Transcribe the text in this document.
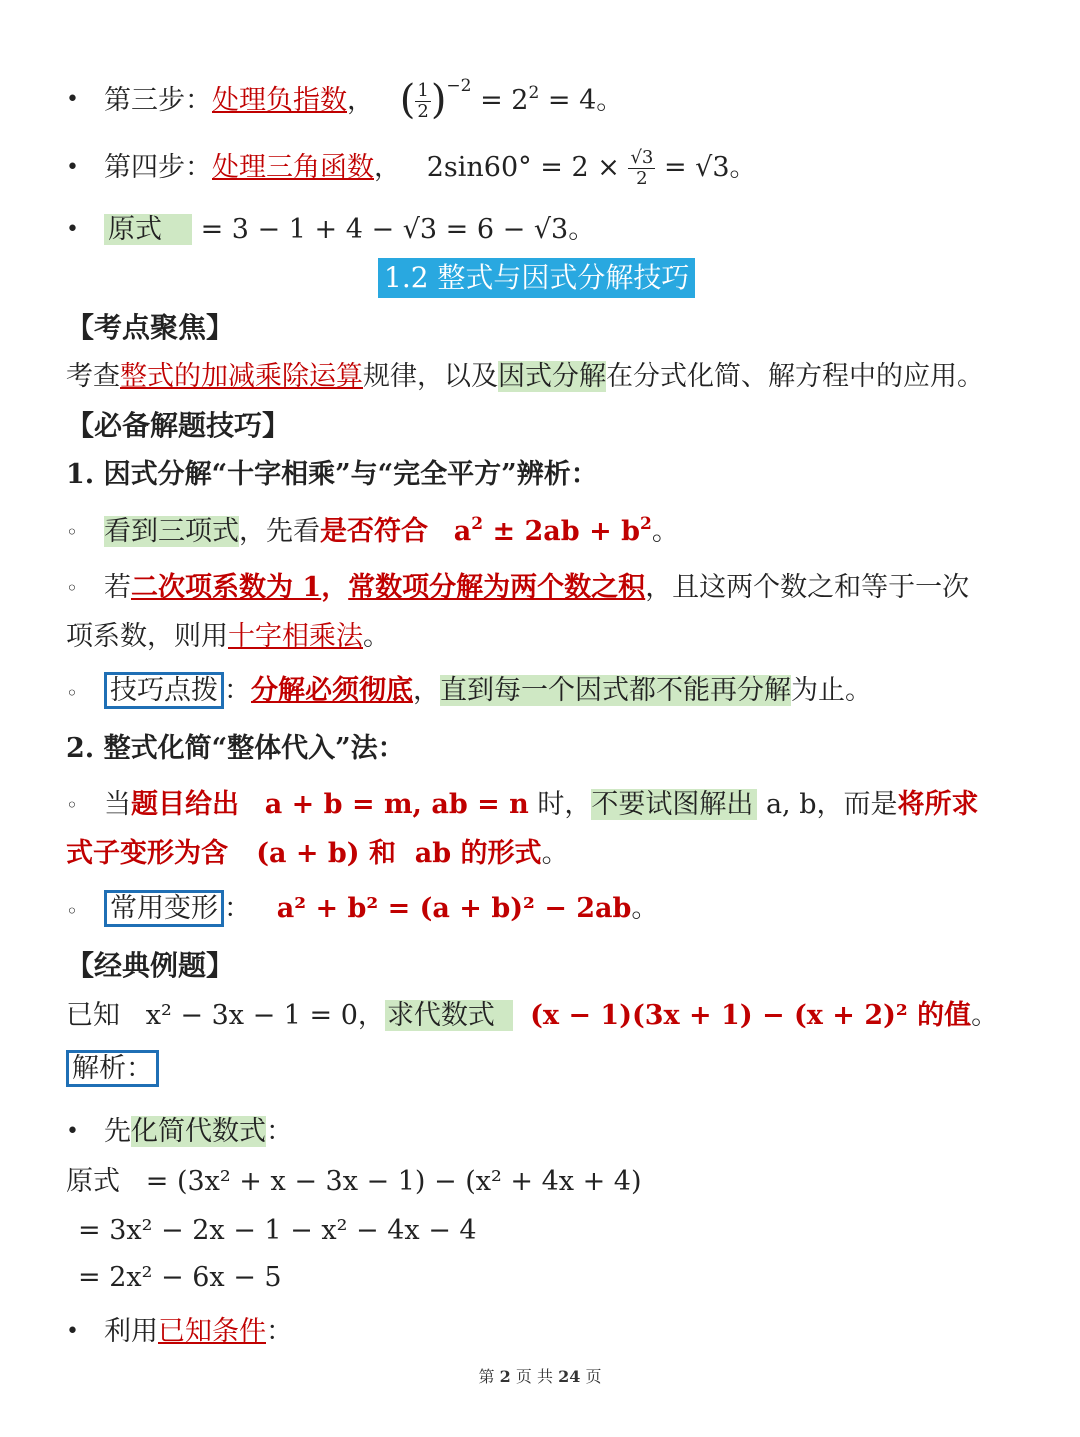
• 第三步：处理负指数， ( $\frac{1}{2} )^{-2} = 2^2 = 4$。
• 第四步：处理三角函数， $2\sin 60^\circ = 2 \times \frac{√3}{2} = √3$。
• 原式 = 3 − 1 + 4 − √3 = 6 − √3。
1.2 整式与因式分解技巧
【考点聚焦】
考查整式的加减乘除运算规律，以及因式分解在分式化简、解方程中的应用。
【必备解题技巧】
1. 因式分解“十字相乘”与“完全平方”辨析：
◦ 看到三项式，先看是否符合 $a^2 \pm 2ab + b^2$。
◦ 若二次项系数为 1，常数项分解为两个数之积，且这两个数之和等于一次
项系数，则用十字相乘法。
◦ 技巧点拨 ：分解必须彻底，直到每一个因式都不能再分解为止。
2. 整式化简“整体代入”法：
◦ 当题目给出 a + b = m, ab = n 时，不要试图解出 a, b，而是将所求
式子变形为含 (a + b) 和  ab 的形式。
◦ 常用变形 ： a² + b² = (a + b)² − 2ab。
【经典例题】
已知 x² − 3x − 1 = 0，求代数式 (x − 1)(3x + 1) − (x + 2)² 的值。
解析：
• 先化简代数式：
原式 = (3x² + x − 3x − 1) − (x² + 4x + 4)
= 3x² − 2x − 1 − x² − 4x − 4
= 2x² − 6x − 5
• 利用已知条件：
第 2 页 共 24 页
